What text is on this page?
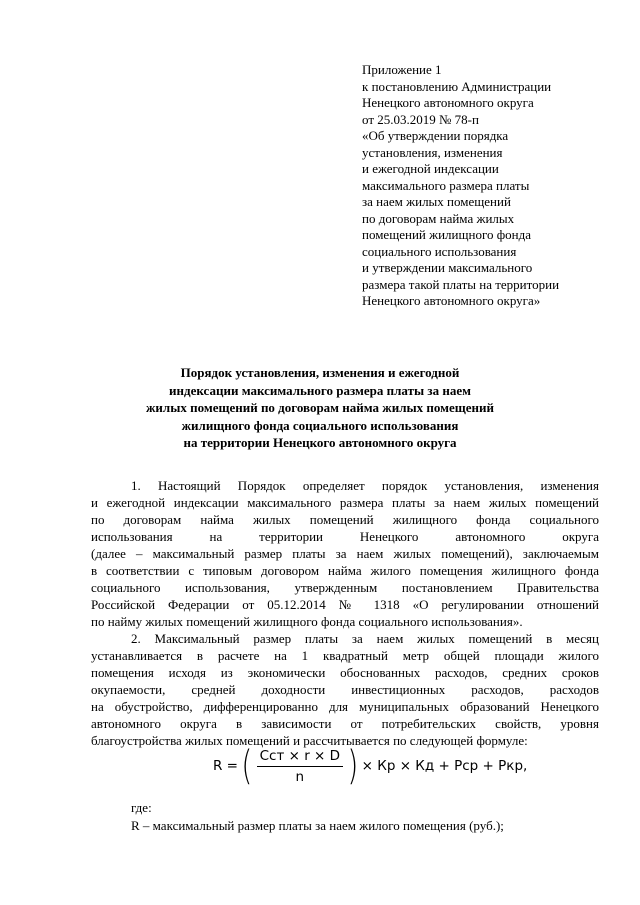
Приложение 1
к постановлению Администрации
Ненецкого автономного округа
от 25.03.2019 № 78-п
«Об утверждении порядка
установления, изменения
и ежегодной индексации
максимального размера платы
за наем жилых помещений
по договорам найма жилых
помещений жилищного фонда
социального использования
и утверждении максимального
размера такой платы на территории
Ненецкого автономного округа»
Порядок установления, изменения и ежегодной
индексации максимального размера платы за наем
жилых помещений по договорам найма жилых помещений
жилищного фонда социального использования
на территории Ненецкого автономного округа
1. Настоящий Порядок определяет порядок установления, изменения
и ежегодной индексации максимального размера платы за наем жилых помещений
по договорам найма жилых помещений жилищного фонда социального
использования на территории Ненецкого автономного округа
(далее – максимальный размер платы за наем жилых помещений), заключаемым
в соответствии с типовым договором найма жилого помещения жилищного фонда
социального использования, утвержденным постановлением Правительства
Российской Федерации от 05.12.2014 № 1318 «О регулировании отношений
по найму жилых помещений жилищного фонда социального использования».
2. Максимальный размер платы за наем жилых помещений в месяц
устанавливается в расчете на 1 квадратный метр общей площади жилого
помещения исходя из экономически обоснованных расходов, средних сроков
окупаемости, средней доходности инвестиционных расходов, расходов
на обустройство, дифференцированно для муниципальных образований Ненецкого
автономного округа в зависимости от потребительских свойств, уровня
благоустройства жилых помещений и рассчитывается по следующей формуле:
R = ( $\frac{\text{Cст × r × D}}{n}$ ) × Кр × Кд + Рср + Ркр,
где:
R – максимальный размер платы за наем жилого помещения (руб.);
